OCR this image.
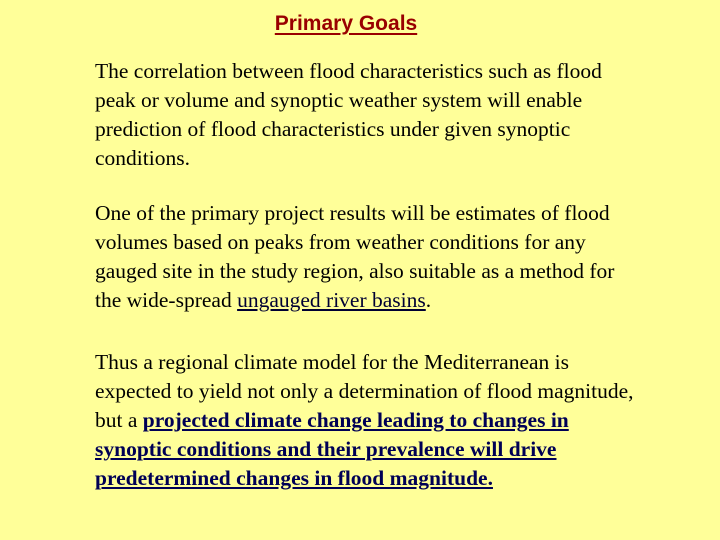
Primary Goals

The correlation between flood characteristics such as flood peak or volume and synoptic weather system will enable prediction of flood characteristics under given synoptic conditions.

One of the primary project results will be estimates of flood volumes based on peaks from weather conditions for any gauged site in the study region, also suitable as a method for the wide-spread ungauged river basins.

Thus a regional climate model for the Mediterranean is expected to yield not only a determination of flood magnitude, but a projected climate change leading to changes in synoptic conditions and their prevalence will drive predetermined changes in flood magnitude.
